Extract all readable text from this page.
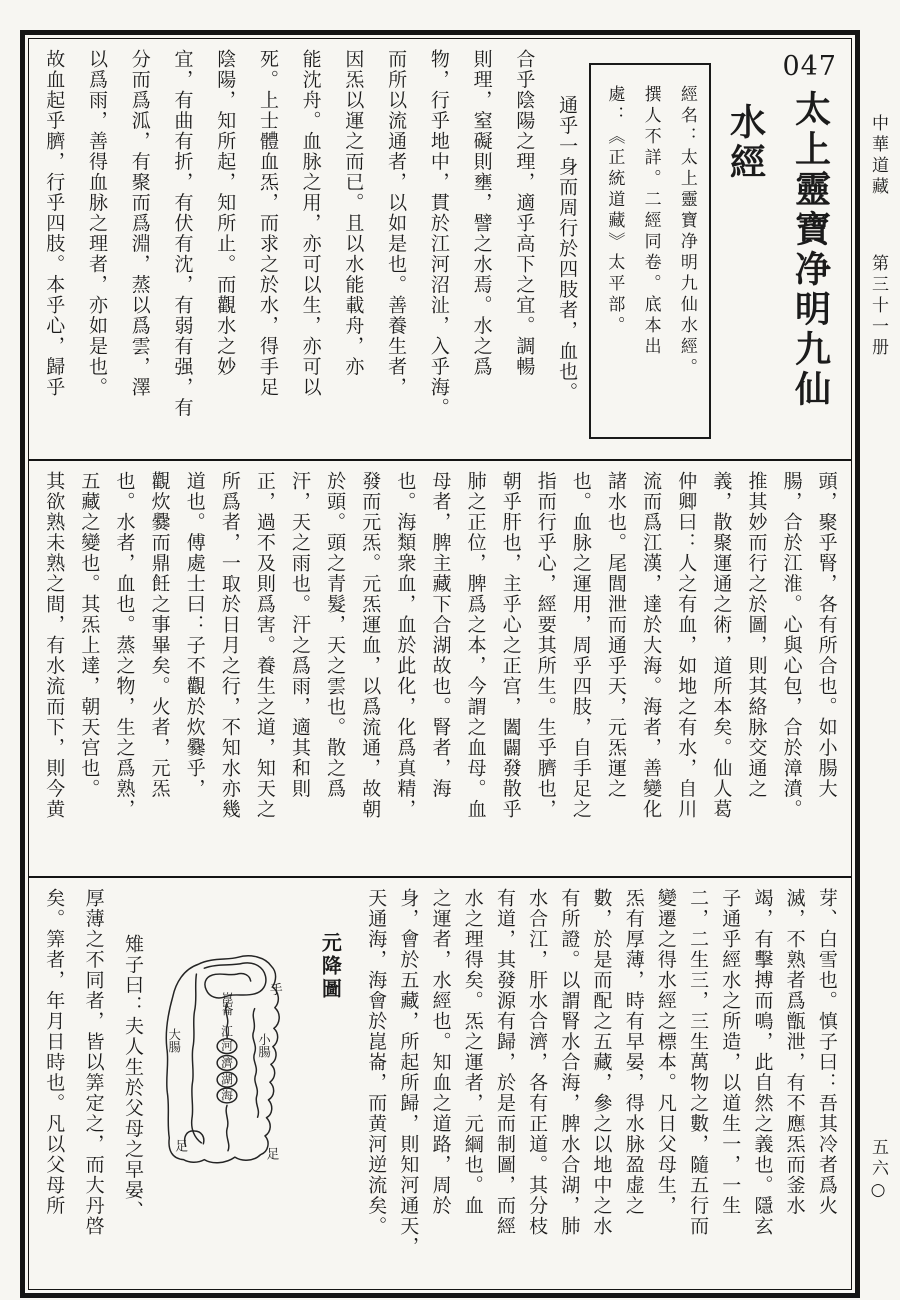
中華道藏
第三十一册
五六○
047
太上靈寶净明九仙
水經
經名：太上靈寶净明九仙水經。
撰人不詳。二經同卷。底本出
處：《正統道藏》太平部。
通乎一身而周行於四肢者，血也。
合乎陰陽之理，適乎高下之宜。調暢
則理，窒礙則壅，譬之水焉。水之爲
物，行乎地中，貫於江河沼沚，入乎海。
而所以流通者，以如是也。善養生者，
因炁以運之而已。且以水能載舟，亦
能沈舟。血脉之用，亦可以生，亦可以
死。上士體血炁，而求之於水，得手足
陰陽，知所起，知所止。而觀水之妙
宜，有曲有折，有伏有沈，有弱有强，有
分而爲泒，有聚而爲淵，蒸以爲雲，澤
以爲雨，善得血脉之理者，亦如是也。
故血起乎臍，行乎四肢。本乎心，歸乎
頭，聚乎腎，各有所合也。如小腸大
腸，合於江淮。心與心包，合於漳濆。
推其妙而行之於圖，則其絡脉交通之
義，散聚運通之術，道所本矣。仙人葛
仲卿曰：人之有血，如地之有水，自川
流而爲江漢，達於大海。海者，善變化
諸水也。尾閭泄而通乎天，元炁運之
也。血脉之運用，周乎四肢，自手足之
指而行乎心，經要其所生。生乎臍也，
朝乎肝也，主乎心之正宫，闔闢發散乎
肺之正位，脾爲之本，今謂之血母。血
母者，脾主藏下合湖故也。腎者，海
也。海類衆血，血於此化，化爲真精，
發而元炁。元炁運血，以爲流通，故朝
於頭。頭之青髮，天之雲也。散之爲
汗，天之雨也。汗之爲雨，適其和則
正，過不及則爲害。養生之道，知天之
所爲者，一取於日月之行，不知水亦幾
道也。傅處士曰：子不觀於炊爨乎，
觀炊爨而鼎飪之事畢矣。火者，元炁
也。水者，血也。蒸之物，生之爲熟，
五藏之變也。其炁上達，朝天宫也。
其欲熟未熟之間，有水流而下，則今黄
芽、白雪也。慎子曰：吾其冷者爲火
滅，不熟者爲甑泄，有不應炁而釜水
竭，有擊搏而鳴，此自然之義也。隱玄
子通乎經水之所造，以道生一，一生
二，二生三，三生萬物之數，隨五行而
變遷之得水經之標本。凡日父母生，
炁有厚薄，時有早晏，得水脉盈虚之
數，於是而配之五藏，參之以地中之水
有所證。以謂腎水合海，脾水合湖，肺
水合江，肝水合濟，各有正道。其分枝
有道，其發源有歸，於是而制圖，而經
水之理得矣。炁之運者，元綱也。血
之運者，水經也。知血之道路，周於
身，會於五藏，所起所歸，則知河通天，
天通海，海會於崑崙，而黄河逆流矣。
元降圖
手
崑崙
江
河
濟
湖
海
大腸	小腸
足
足
雉子曰：夫人生於父母之早晏、
厚薄之不同者，皆以筭定之，而大丹啓
矣。筭者，年月日時也。凡以父母所
